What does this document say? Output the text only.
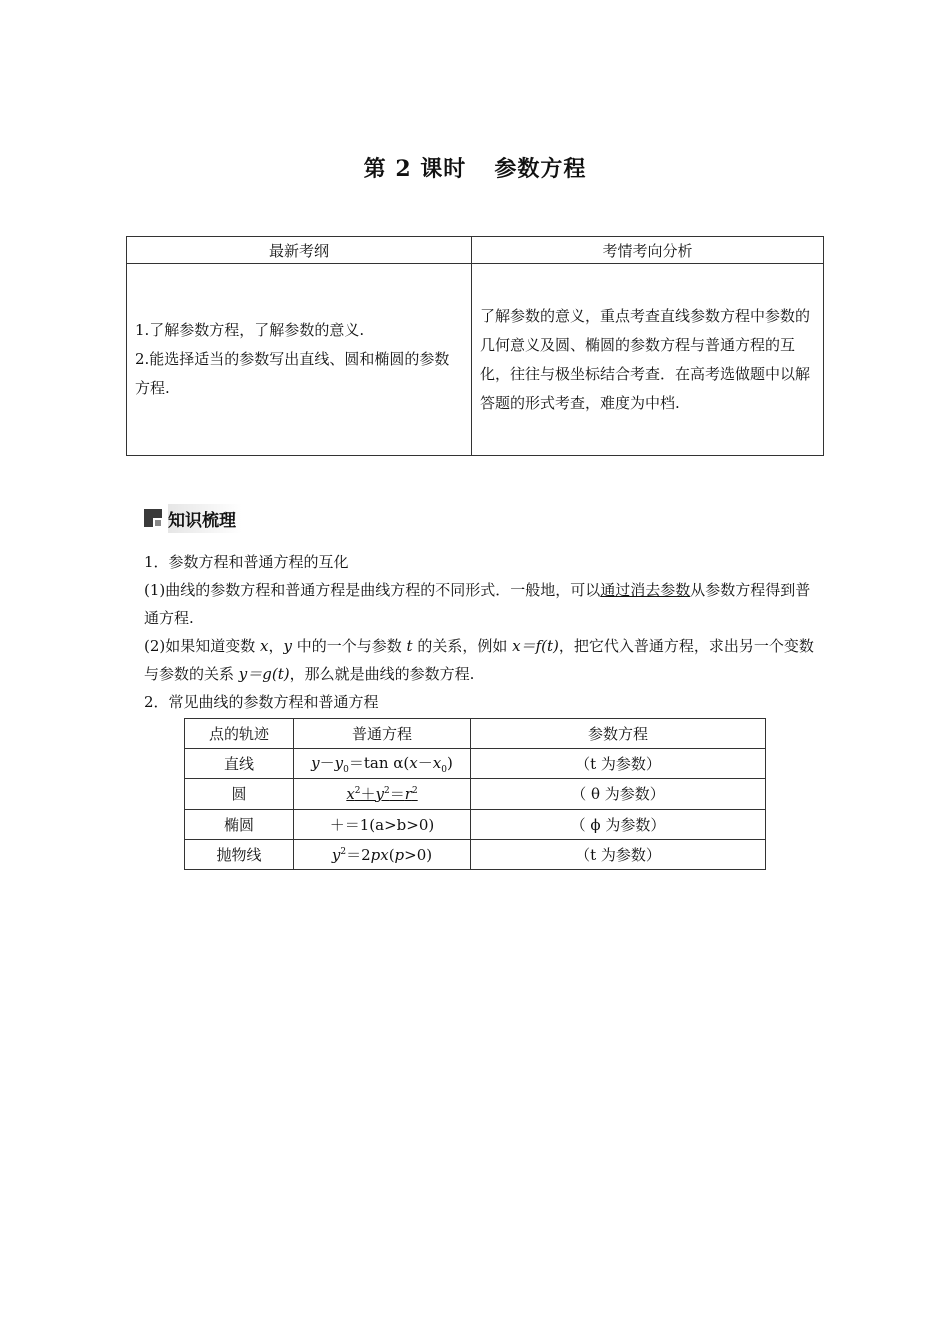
第 2 课时 参数方程
最新考纲	考情考向分析

1.了解参数方程，了解参数的意义.
2.能选择适当的参数写出直线、圆和椭圆的参数方程.	了解参数的意义，重点考查直线参数方程中参数的几何意义及圆、椭圆的参数方程与普通方程的互化，往往与极坐标结合考查．在高考选做题中以解答题的形式考查，难度为中档.
知识梳理

1．参数方程和普通方程的互化

(1)曲线的参数方程和普通方程是曲线方程的不同形式．一般地，可以通过消去参数从参数方程得到普通方程.

(2)如果知道变数 x，y 中的一个与参数 t 的关系，例如 x＝f(t)，把它代入普通方程，求出另一个变数与参数的关系 y＝g(t)，那么就是曲线的参数方程.

2．常见曲线的参数方程和普通方程

点的轨迹	普通方程	参数方程
直线	$y-y_0=\tan$ $\alpha(x-x_0)$	（t 为参数）
圆	$x^2+y^2=r^2$	（ θ 为参数）
椭圆	＋＝1(a>b>0)	（ ϕ 为参数）
抛物线	$y^2=2px(p>0)$	（t 为参数）
